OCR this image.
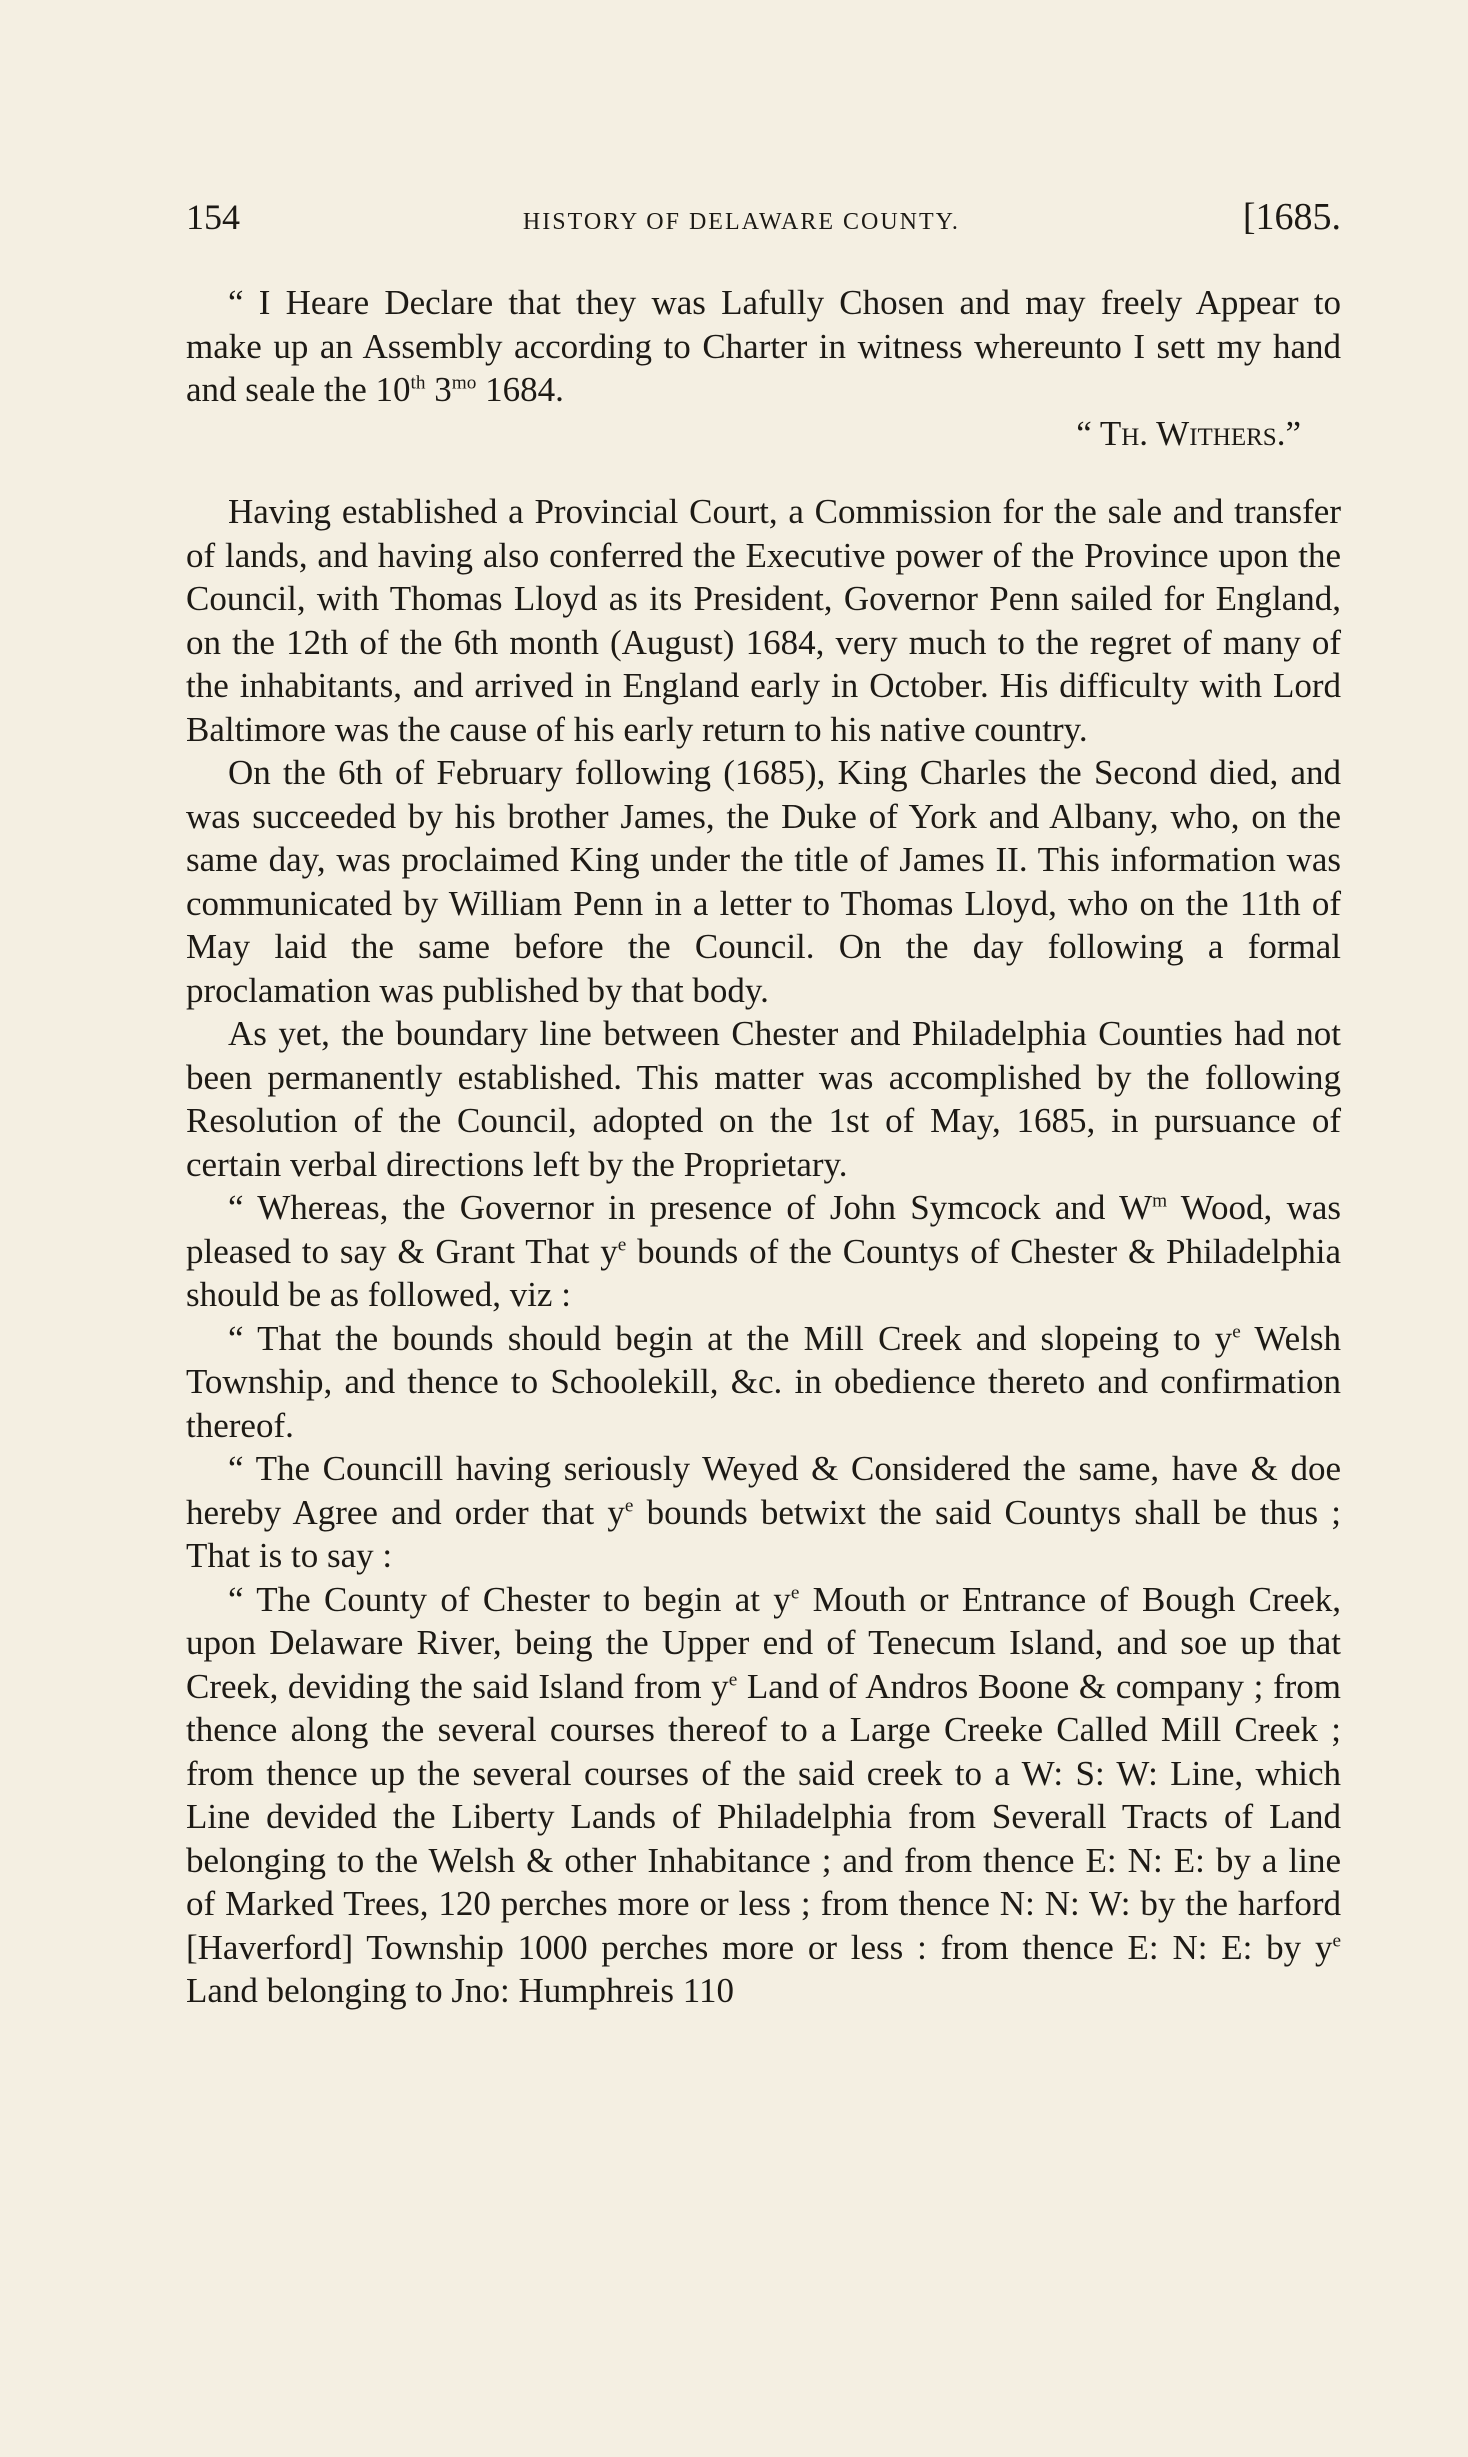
154	HISTORY OF DELAWARE COUNTY.	[1685.

“ I Heare Declare that they was Lafully Chosen and may freely Appear to make up an Assembly according to Charter in witness whereunto I sett my hand and seale the 10th $3^{mo}$ 1684.

“ Th. Withers.”

Having established a Provincial Court, a Commission for the sale and transfer of lands, and having also conferred the Executive power of the Province upon the Council, with Thomas Lloyd as its President, Governor Penn sailed for England, on the 12th of the 6th month (August) 1684, very much to the regret of many of the inhabitants, and arrived in England early in October. His difficulty with Lord Baltimore was the cause of his early return to his native country.

On the 6th of February following (1685), King Charles the Second died, and was succeeded by his brother James, the Duke of York and Albany, who, on the same day, was proclaimed King under the title of James II. This information was communicated by William Penn in a letter to Thomas Lloyd, who on the 11th of May laid the same before the Council. On the day following a formal proclamation was published by that body.

As yet, the boundary line between Chester and Philadelphia Counties had not been permanently established. This matter was accomplished by the following Resolution of the Council, adopted on the 1st of May, 1685, in pursuance of certain verbal directions left by the Proprietary.

“ Whereas, the Governor in presence of John Symcock and $W^m$ Wood, was pleased to say & Grant That $y^e$ bounds of the Countys of Chester & Philadelphia should be as followed, viz :

“ That the bounds should begin at the Mill Creek and slopeing to $y^e$ Welsh Township, and thence to Schoolekill, &c. in obedience thereto and confirmation thereof.

“ The Councill having seriously Weyed & Considered the same, have & doe hereby Agree and order that $y^e$ bounds betwixt the said Countys shall be thus ; That is to say :

“ The County of Chester to begin at $y^e$ Mouth or Entrance of Bough Creek, upon Delaware River, being the Upper end of Tenecum Island, and soe up that Creek, deviding the said Island from $y^e$ Land of Andros Boone & company ; from thence along the several courses thereof to a Large Creeke Called Mill Creek ; from thence up the several courses of the said creek to a W: S: W: Line, which Line devided the Liberty Lands of Philadelphia from Severall Tracts of Land belonging to the Welsh & other Inhabitance ; and from thence E: N: E: by a line of Marked Trees, 120 perches more or less ; from thence N: N: W: by the harford [Haverford] Township 1000 perches more or less : from thence E: N: E: by $y^e$ Land belonging to Jno: Humphreis 110
